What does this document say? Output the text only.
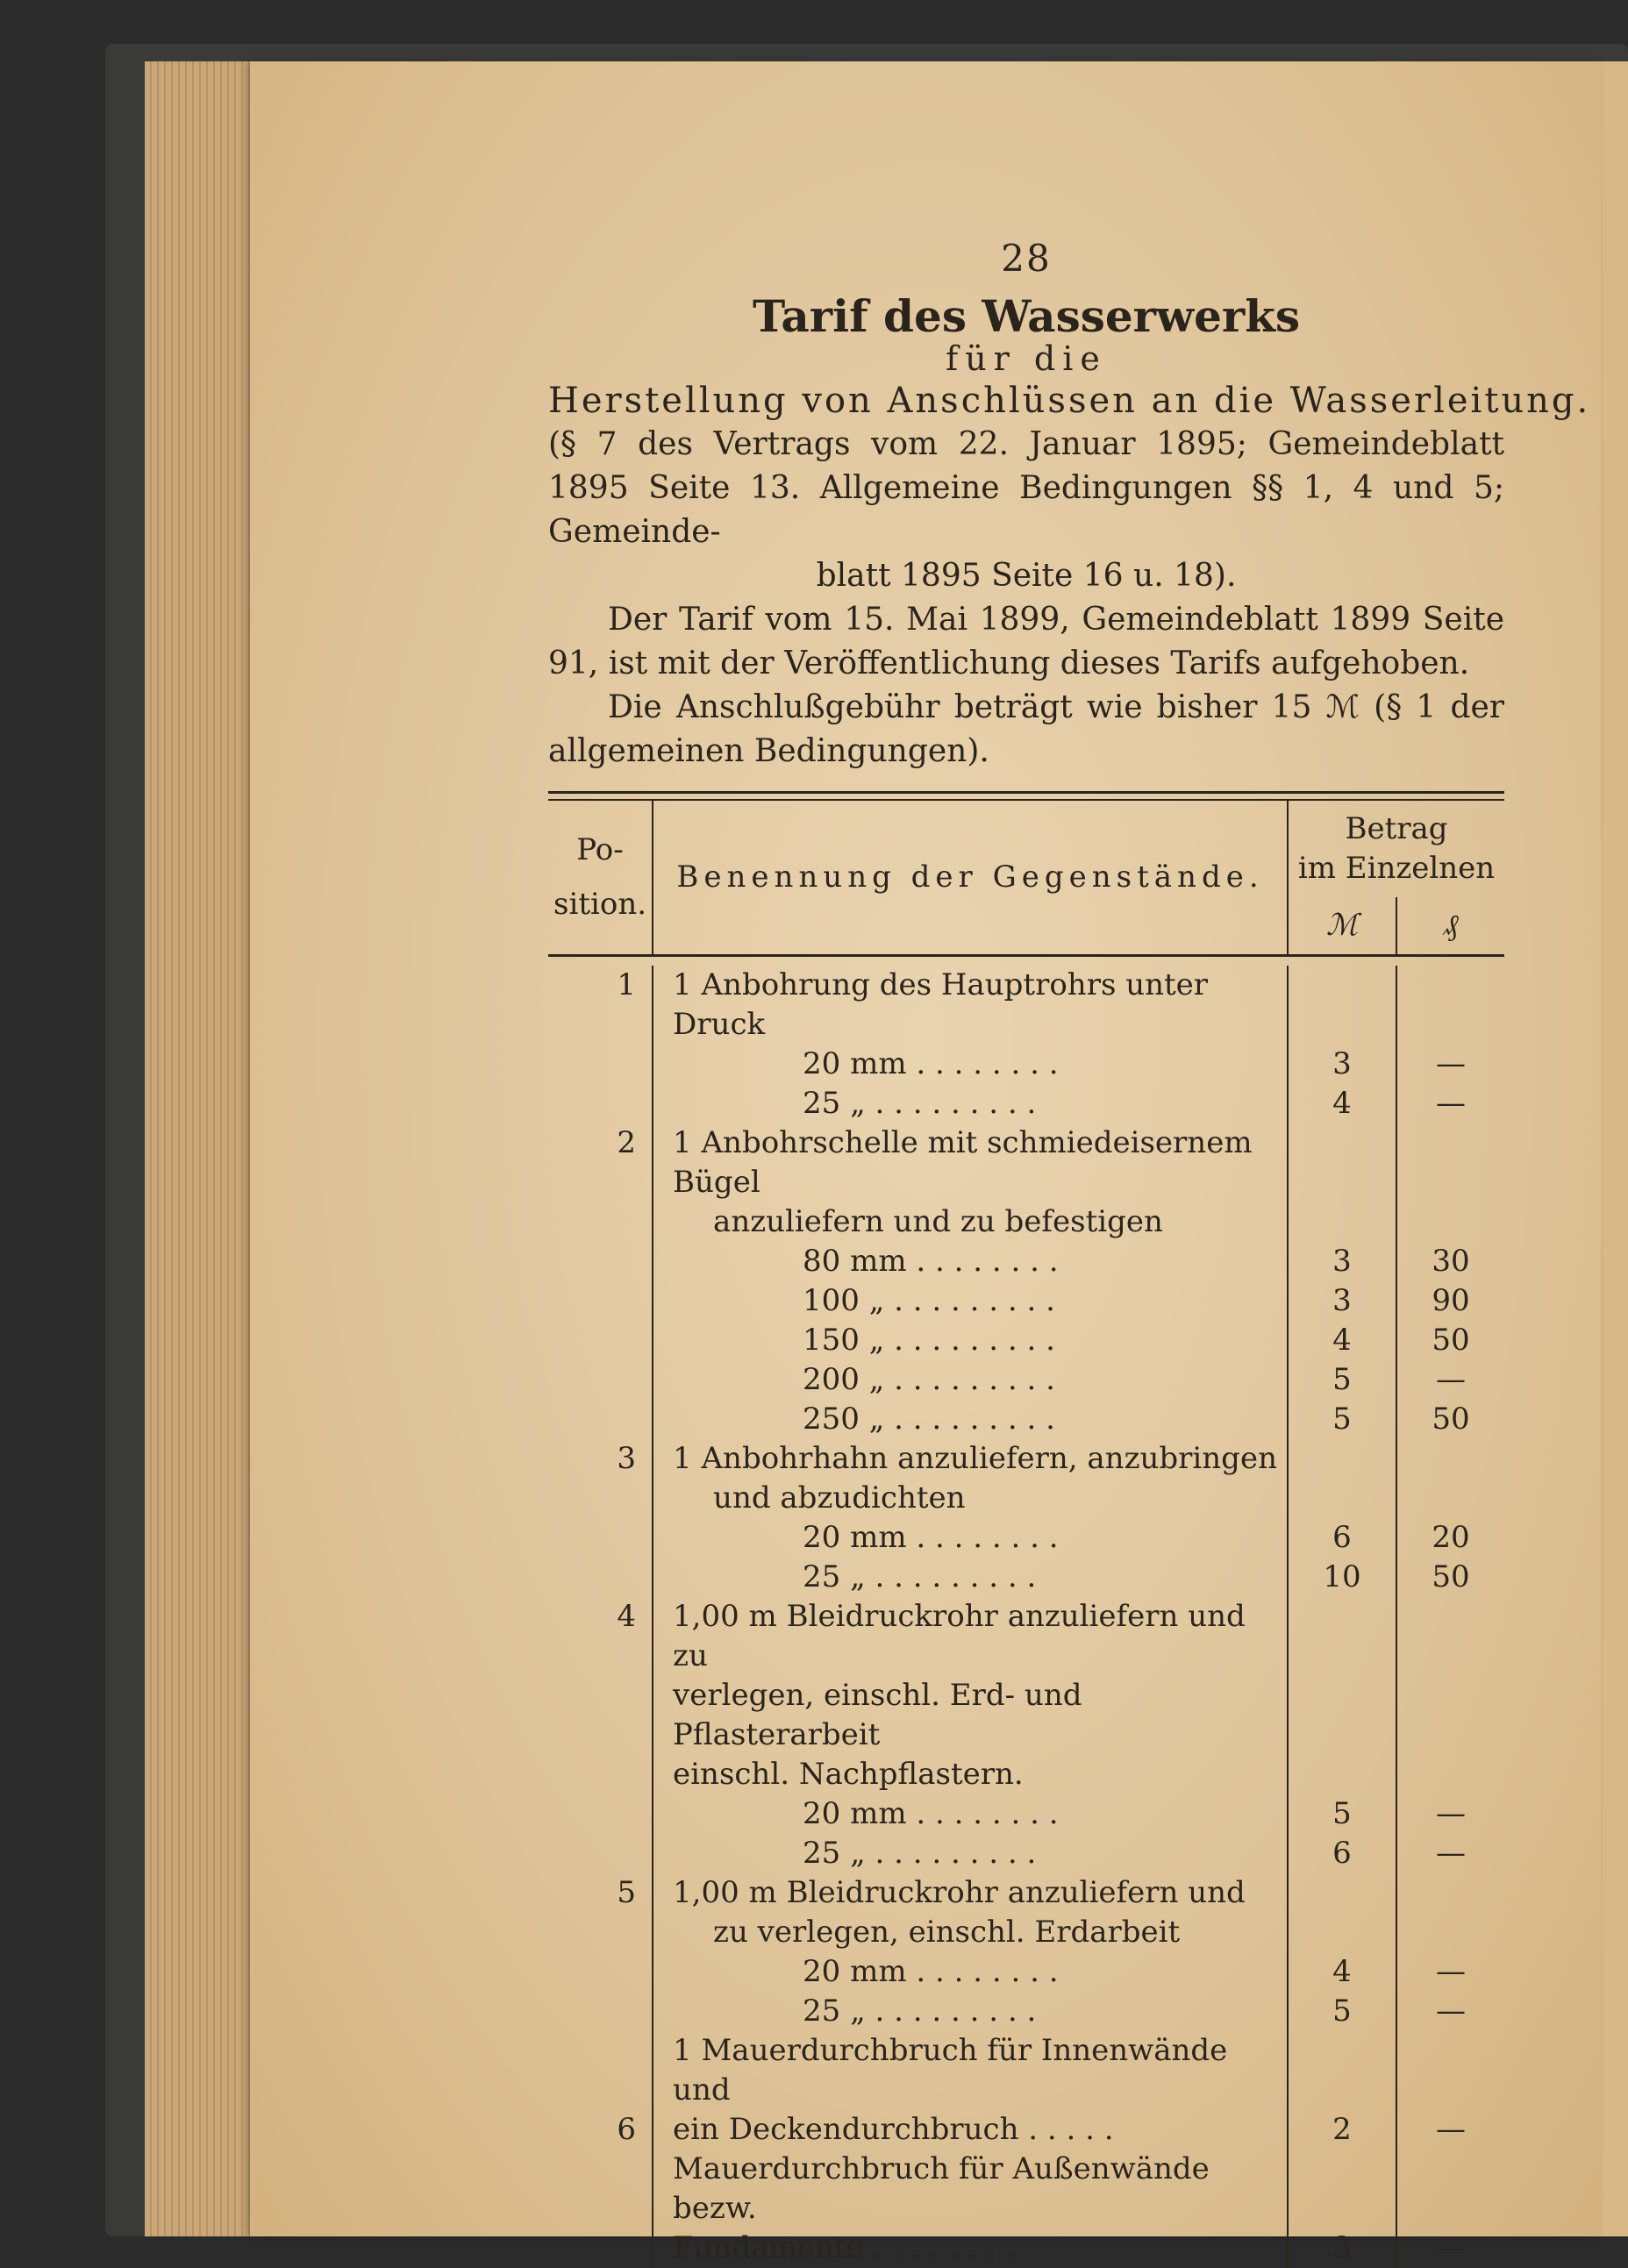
28
Tarif des Wasserwerks
für die
Herstellung von Anschlüssen an die Wasserleitung.
(§ 7 des Vertrags vom 22. Januar 1895; Gemeindeblatt 1895 Seite 13. Allgemeine Bedingungen §§ 1, 4 und 5; Gemeinde-
blatt 1895 Seite 16 u. 18).
Der Tarif vom 15. Mai 1899, Gemeindeblatt 1899 Seite 91, ist mit der Veröffentlichung dieses Tarifs aufgehoben.
Die Anschlußgebühr beträgt wie bisher 15 ℳ (§ 1 der allgemeinen Bedingungen).
Po-
sition.	Benennung der Gegenstände.	Betrag
im Einzelnen	
		ℳ	₰

1	1 Anbohrung des Hauptrohrs unter Druck		
	20 mm . . . . . . . .	3	—
	25 „ . . . . . . . . .	4	—
2	1 Anbohrschelle mit schmiedeisernem Bügel		
	anzuliefern und zu befestigen		
	80 mm . . . . . . . .	3	30
	100 „ . . . . . . . . .	3	90
	150 „ . . . . . . . . .	4	50
	200 „ . . . . . . . . .	5	—
	250 „ . . . . . . . . .	5	50
3	1 Anbohrhahn anzuliefern, anzubringen		
	und abzudichten		
	20 mm . . . . . . . .	6	20
	25 „ . . . . . . . . .	10	50
4	1,00 m Bleidruckrohr anzuliefern und zu		
	verlegen, einschl. Erd- und Pflasterarbeit		
	einschl. Nachpflastern.		
	20 mm . . . . . . . .	5	—
	25 „ . . . . . . . . .	6	—
5	1,00 m Bleidruckrohr anzuliefern und		
	zu verlegen, einschl. Erdarbeit		
	20 mm . . . . . . . .	4	—
	25 „ . . . . . . . . .	5	—
	1 Mauerdurchbruch für Innenwände und		
6	ein Deckendurchbruch . . . . .	2	—
	Mauerdurchbruch für Außenwände bezw.		
	Fundamente . . . . . . . .	3	—
